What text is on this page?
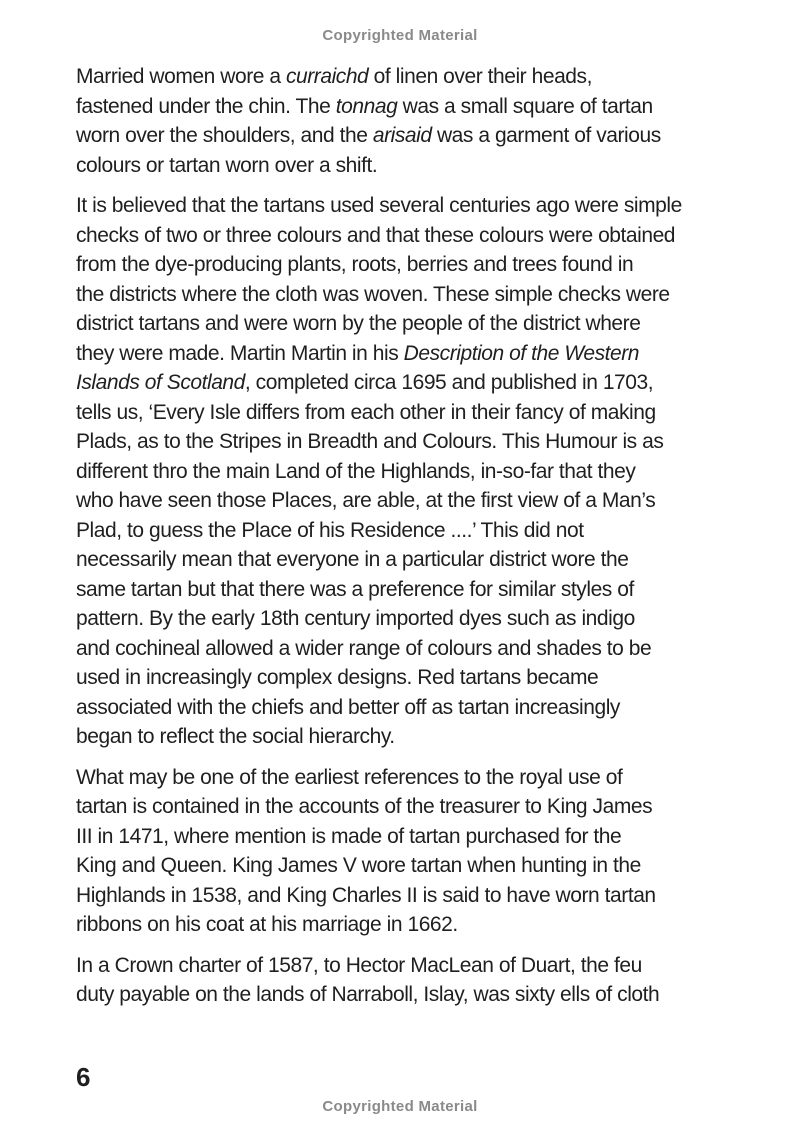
Copyrighted Material
Married women wore a curraichd of linen over their heads,
fastened under the chin. The tonnag was a small square of tartan
worn over the shoulders, and the arisaid was a garment of various
colours or tartan worn over a shift.
It is believed that the tartans used several centuries ago were simple
checks of two or three colours and that these colours were obtained
from the dye-producing plants, roots, berries and trees found in
the districts where the cloth was woven. These simple checks were
district tartans and were worn by the people of the district where
they were made. Martin Martin in his Description of the Western
Islands of Scotland, completed circa 1695 and published in 1703,
tells us, ‘Every Isle differs from each other in their fancy of making
Plads, as to the Stripes in Breadth and Colours. This Humour is as
different thro the main Land of the Highlands, in-so-far that they
who have seen those Places, are able, at the first view of a Man’s
Plad, to guess the Place of his Residence ....’ This did not
necessarily mean that everyone in a particular district wore the
same tartan but that there was a preference for similar styles of
pattern. By the early 18th century imported dyes such as indigo
and cochineal allowed a wider range of colours and shades to be
used in increasingly complex designs. Red tartans became
associated with the chiefs and better off as tartan increasingly
began to reflect the social hierarchy.
What may be one of the earliest references to the royal use of
tartan is contained in the accounts of the treasurer to King James
III in 1471, where mention is made of tartan purchased for the
King and Queen. King James V wore tartan when hunting in the
Highlands in 1538, and King Charles II is said to have worn tartan
ribbons on his coat at his marriage in 1662.
In a Crown charter of 1587, to Hector MacLean of Duart, the feu
duty payable on the lands of Narraboll, Islay, was sixty ells of cloth
6
Copyrighted Material
